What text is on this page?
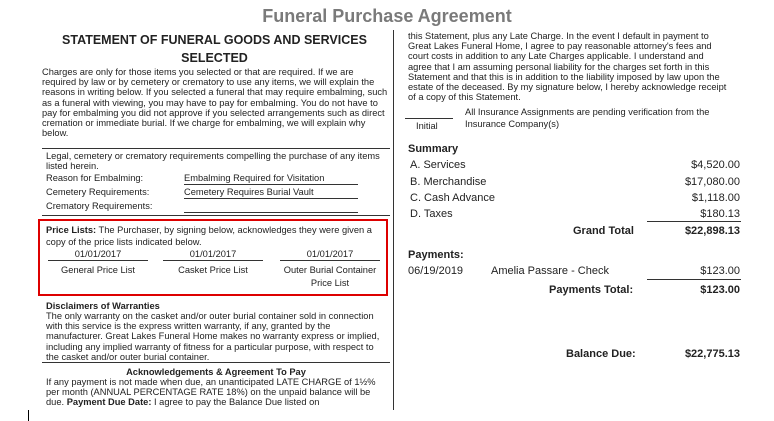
Funeral Purchase Agreement
STATEMENT OF FUNERAL GOODS AND SERVICES SELECTED
Charges are only for those items you selected or that are required. If we are required by law or by cemetery or crematory to use any items, we will explain the reasons in writing below. If you selected a funeral that may require embalming, such as a funeral with viewing, you may have to pay for embalming. You do not have to pay for embalming you did not approve if you selected arrangements such as direct cremation or immediate burial. If we charge for embalming, we will explain why below.
Legal, cemetery or crematory requirements compelling the purchase of any items listed herein.
Reason for Embalming:	Embalming Required for Visitation
Cemetery Requirements:	Cemetery Requires Burial Vault
Crematory Requirements:
Price Lists: The Purchaser, by signing below, acknowledges they were given a copy of the price lists indicated below.
01/01/2017	01/01/2017	01/01/2017
General Price List	Casket Price List	Outer Burial Container Price List
Disclaimers of Warranties
The only warranty on the casket and/or outer burial container sold in connection with this service is the express written warranty, if any, granted by the manufacturer. Great Lakes Funeral Home makes no warranty express or implied, including any implied warranty of fitness for a particular purpose, with respect to the casket and/or outer burial container.
Acknowledgements & Agreement To Pay
If any payment is not made when due, an unanticipated LATE CHARGE of 1½% per month (ANNUAL PERCENTAGE RATE 18%) on the unpaid balance will be due. Payment Due Date: I agree to pay the Balance Due listed on
this Statement, plus any Late Charge. In the event I default in payment to Great Lakes Funeral Home, I agree to pay reasonable attorney's fees and court costs in addition to any Late Charges applicable. I understand and agree that I am assuming personal liability for the charges set forth in this Statement and that this is in addition to the liability imposed by law upon the estate of the deceased. By my signature below, I hereby acknowledge receipt of a copy of this Statement.
All Insurance Assignments are pending verification from the Insurance Company(s)
Initial
Summary
A. Services	$4,520.00
B. Merchandise	$17,080.00
C. Cash Advance	$1,118.00
D. Taxes	$180.13
Grand Total	$22,898.13
Payments:
06/19/2019	Amelia Passare - Check	$123.00
Payments Total:	$123.00
Balance Due:	$22,775.13
